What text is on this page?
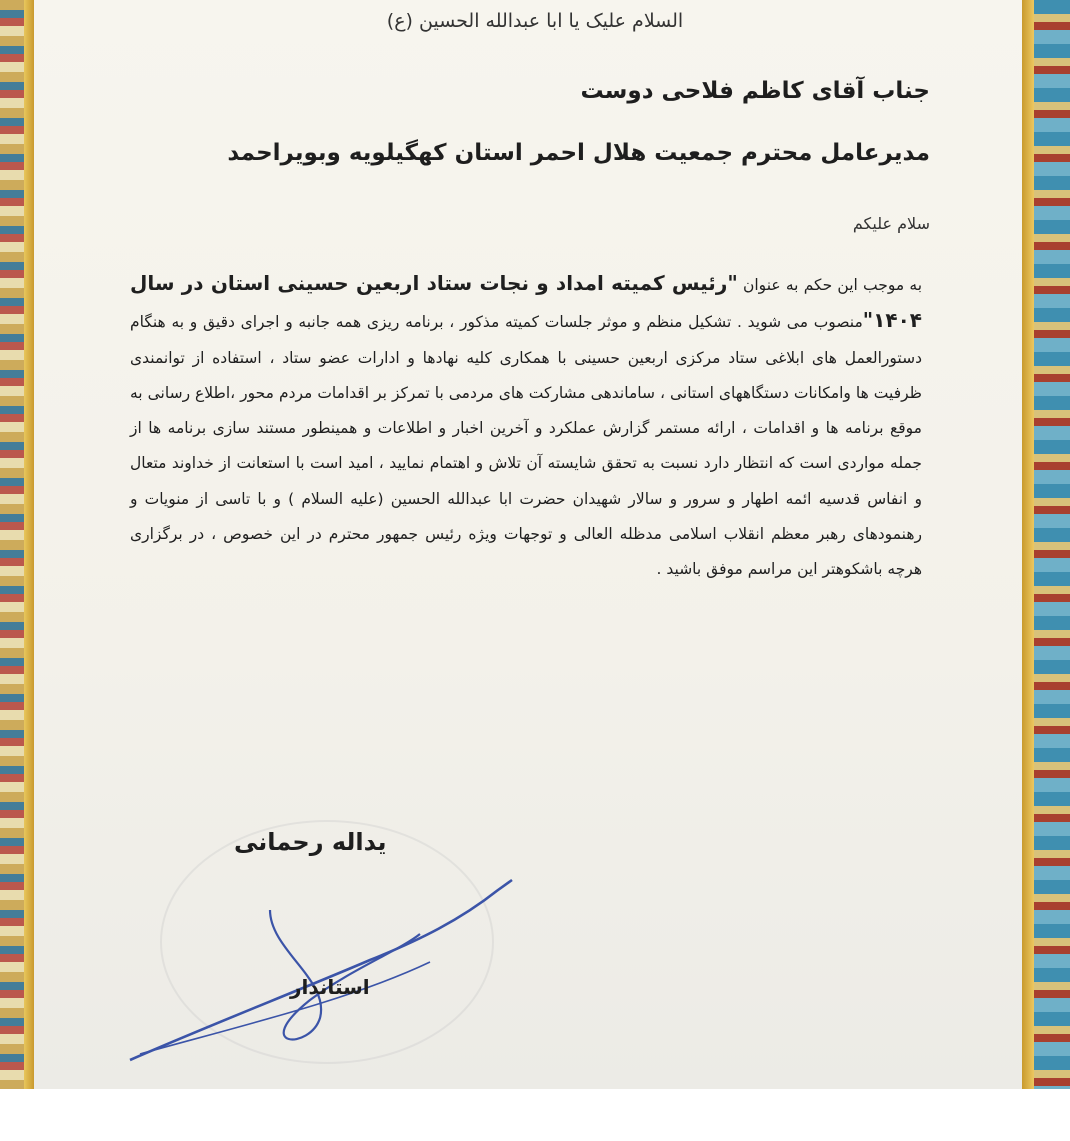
السلام علیک یا ابا عبدالله الحسین (ع)
جناب آقای کاظم فلاحی دوست
مدیرعامل محترم جمعیت هلال احمر استان کهگیلویه وبویراحمد
سلام علیکم
به موجب این حکم به عنوان "رئیس کمیته امداد و نجات ستاد اربعین حسینی استان در سال ۱۴۰۴"منصوب می شوید . تشکیل منظم و موثر جلسات کمیته مذکور ، برنامه ریزی همه جانبه و اجرای دقیق و به هنگام دستورالعمل های ابلاغی ستاد مرکزی اربعین حسینی با همکاری کلیه نهادها و ادارات عضو ستاد ، استفاده از توانمندی ظرفیت ها وامکانات دستگاههای استانی ، ساماندهی مشارکت های مردمی با تمرکز بر اقدامات مردم محور ،اطلاع رسانی به موقع برنامه ها و اقدامات ، ارائه مستمر گزارش عملکرد و آخرین اخبار و اطلاعات و همینطور مستند سازی برنامه ها از جمله مواردی است که انتظار دارد نسبت به تحقق شایسته آن تلاش و اهتمام نمایید ، امید است با استعانت از خداوند متعال و انفاس قدسیه ائمه اطهار و سرور و سالار شهیدان حضرت ابا عبدالله الحسین (علیه السلام ) و با تاسی از منویات و رهنمودهای رهبر معظم انقلاب اسلامی مدظله العالی و توجهات ویژه رئیس جمهور محترم در این خصوص ، در برگزاری هرچه باشکوهتر این مراسم موفق باشید .
یداله رحمانی
استاندار
